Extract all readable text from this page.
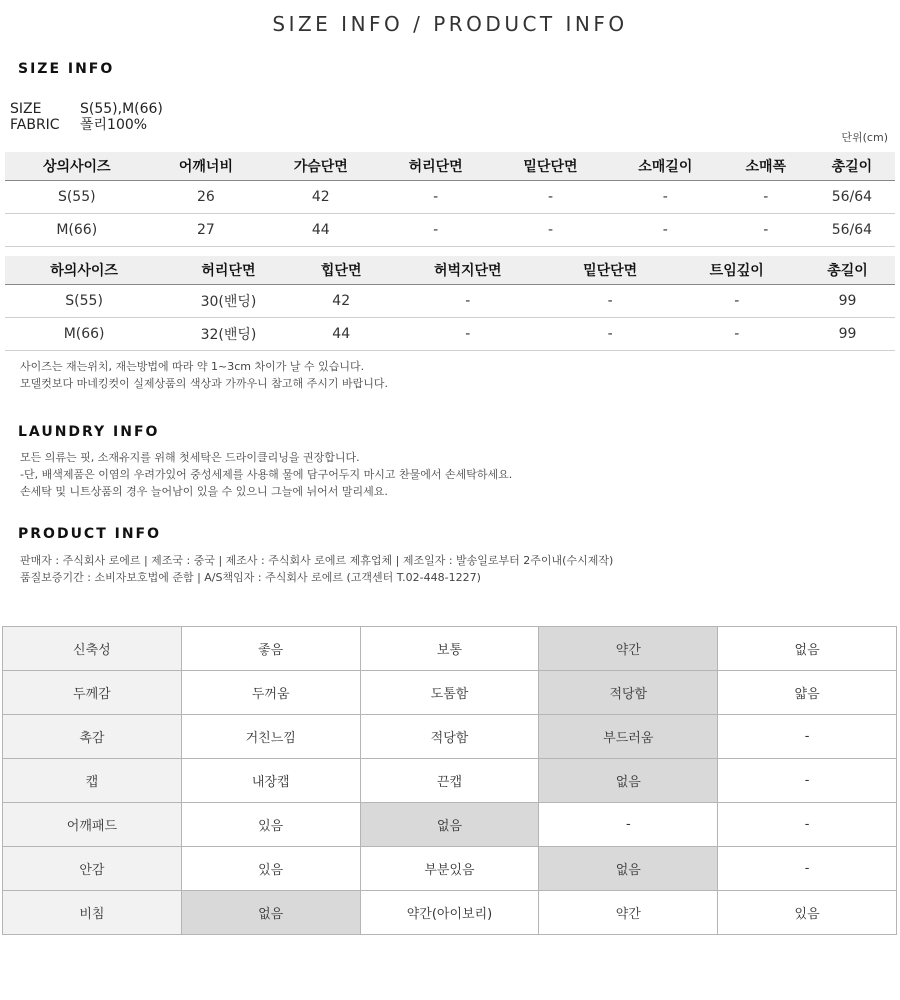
SIZE INFO / PRODUCT INFO
SIZE INFO
SIZE	S(55),M(66)
FABRIC 폴리100%
단위(cm)
상의사이즈	어깨너비	가슴단면	허리단면	밑단단면	소매길이	소매폭	총길이
S(55)	26	42	-	-	-	-	56/64
M(66)	27	44	-	-	-	-	56/64
하의사이즈	허리단면	힙단면	허벅지단면	밑단단면	트임깊이	총길이
S(55)	30(밴딩)	42	-	-	-	99
M(66)	32(밴딩)	44	-	-	-	99

사이즈는 재는위치, 재는방법에 따라 약 1~3cm 차이가 날 수 있습니다.

모델컷보다 마네킹컷이 실제상품의 색상과 가까우니 참고해 주시기 바랍니다.

LAUNDRY INFO

모든 의류는 핏, 소재유지를 위해 첫세탁은 드라이클리닝을 권장합니다.

-단, 배색제품은 이염의 우려가있어 중성세제를 사용해 물에 담구어두지 마시고 찬물에서 손세탁하세요.

손세탁 및 니트상품의 경우 늘어남이 있을 수 있으니 그늘에 뉘어서 말리세요.

PRODUCT INFO

판매자 : 주식회사 로에르 | 제조국 : 중국 | 제조사 : 주식회사 로에르 제휴업체 | 제조일자 : 발송일로부터 2주이내(수시제작)

품질보증기간 : 소비자보호법에 준함 | A/S책임자 : 주식회사 로에르 (고객센터 T.02-448-1227)

신축성	좋음	보통	약간	없음
두께감	두꺼움	도톰함	적당함	얇음
촉감	거친느낌	적당함	부드러움	-
캡	내장캡	끈캡	없음	-
어깨패드	있음	없음	-	-
안감	있음	부분있음	없음	-
비침	없음	약간(아이보리)	약간	있음
